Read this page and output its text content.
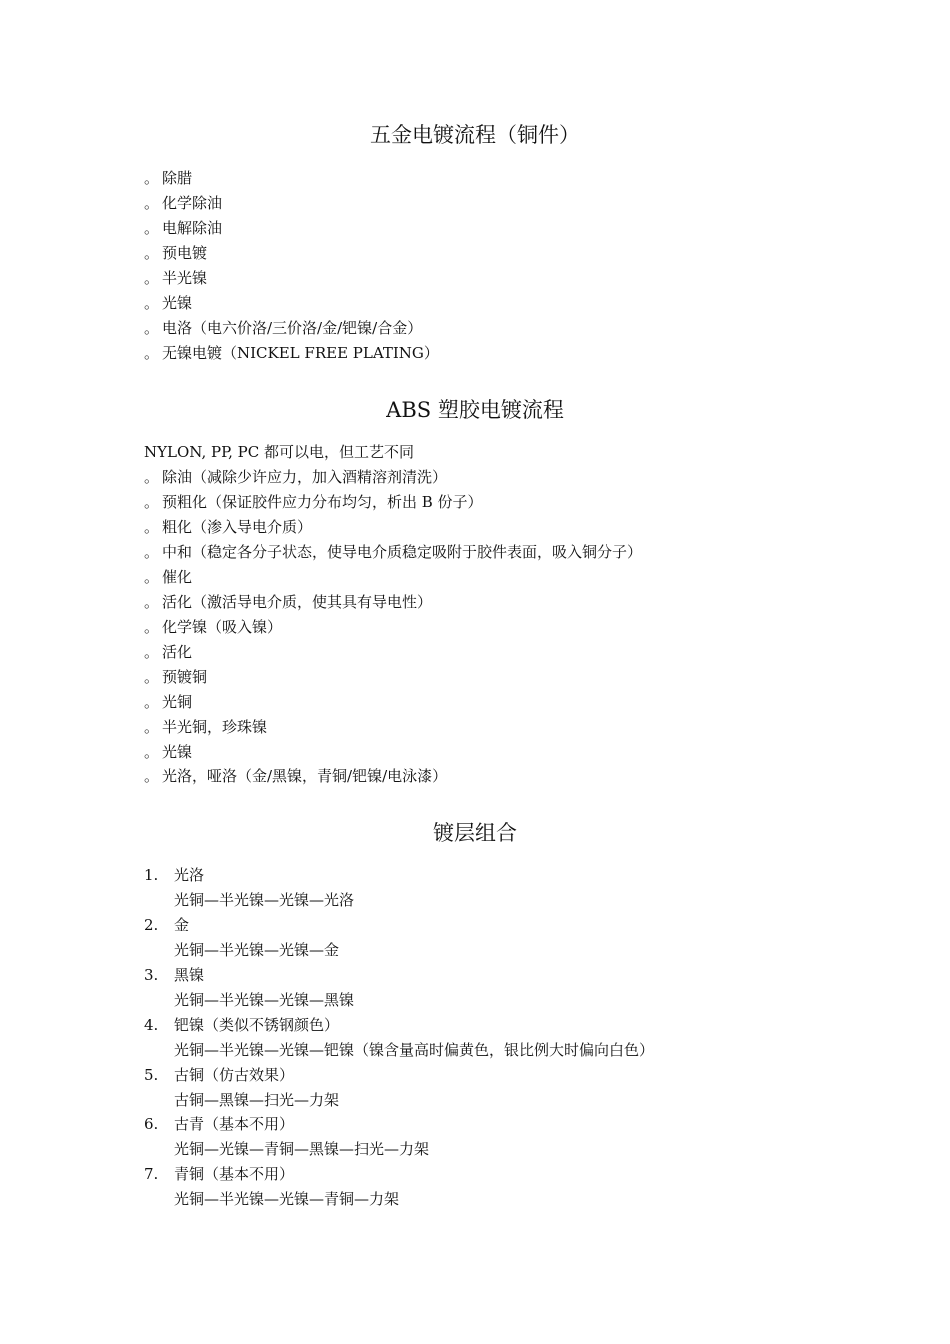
五金电镀流程（铜件）
。 除腊
。 化学除油
。 电解除油
。 预电镀
。 半光镍
。 光镍
。 电洛（电六价洛/三价洛/金/钯镍/合金）
。 无镍电镀（NICKEL FREE PLATING）
ABS 塑胶电镀流程
NYLON, PP, PC 都可以电，但工艺不同
。 除油（减除少许应力，加入酒精溶剂清洗）
。 预粗化（保证胶件应力分布均匀，析出 B 份子）
。 粗化（渗入导电介质）
。 中和（稳定各分子状态，使导电介质稳定吸附于胶件表面，吸入铜分子）
。 催化
。 活化（激活导电介质，使其具有导电性）
。 化学镍（吸入镍）
。 活化
。 预镀铜
。 光铜
。 半光铜，珍珠镍
。 光镍
。 光洛，哑洛（金/黑镍，青铜/钯镍/电泳漆）
镀层组合
1. 光洛
光铜—半光镍—光镍—光洛
2. 金
光铜—半光镍—光镍—金
3. 黑镍
光铜—半光镍—光镍—黑镍
4. 钯镍（类似不锈钢颜色）
光铜—半光镍—光镍—钯镍（镍含量高时偏黄色，银比例大时偏向白色）
5. 古铜（仿古效果）
古铜—黑镍—扫光—力架
6. 古青（基本不用）
光铜—光镍—青铜—黑镍—扫光—力架
7. 青铜（基本不用）
光铜—半光镍—光镍—青铜—力架
